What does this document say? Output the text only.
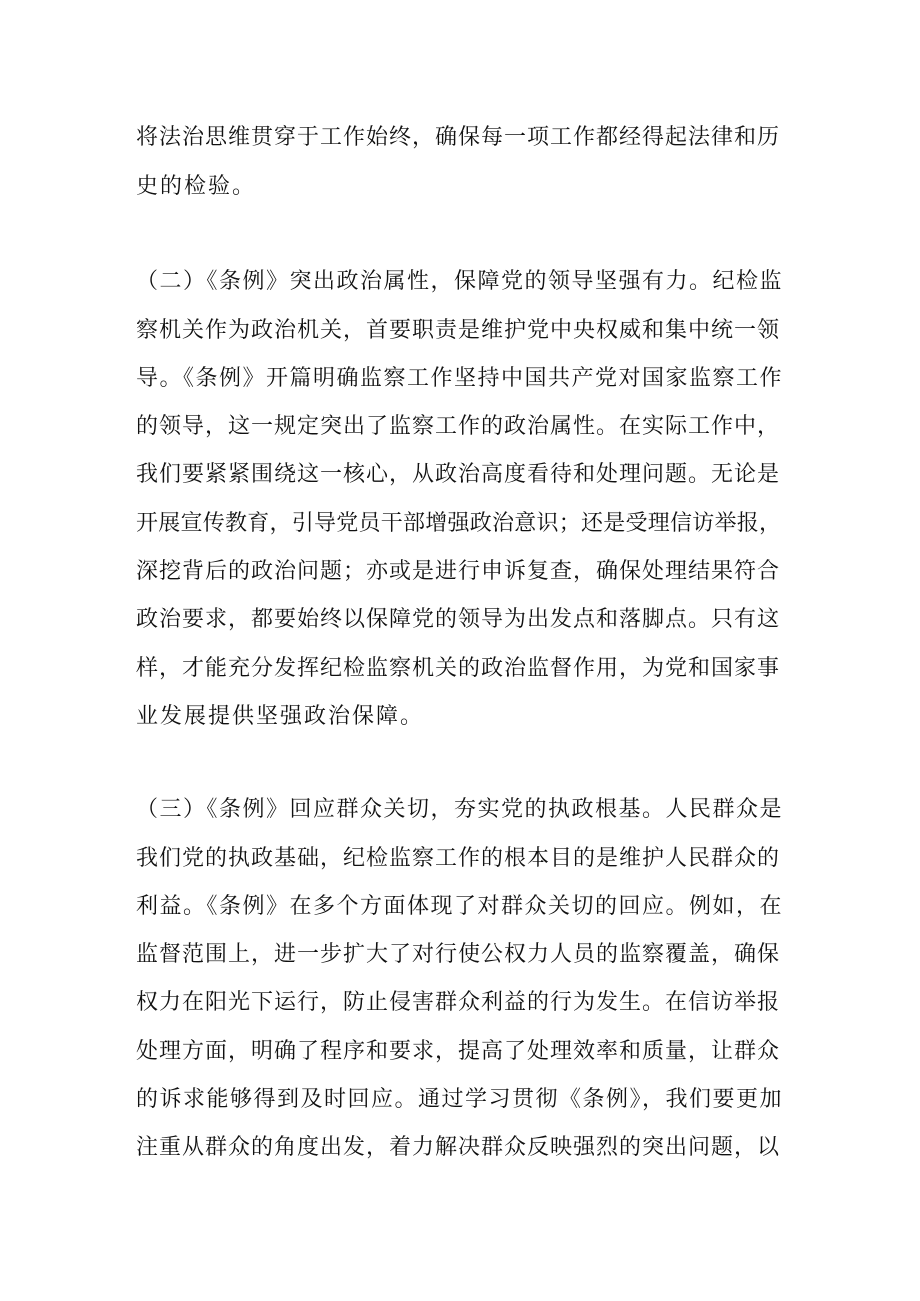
将法治思维贯穿于工作始终，确保每一项工作都经得起法律和历

史的检验。

（二）《条例》突出政治属性，保障党的领导坚强有力。纪检监

察机关作为政治机关，首要职责是维护党中央权威和集中统一领

导。《条例》开篇明确监察工作坚持中国共产党对国家监察工作

的领导，这一规定突出了监察工作的政治属性。在实际工作中，

我们要紧紧围绕这一核心，从政治高度看待和处理问题。无论是

开展宣传教育，引导党员干部增强政治意识；还是受理信访举报，

深挖背后的政治问题；亦或是进行申诉复查，确保处理结果符合

政治要求，都要始终以保障党的领导为出发点和落脚点。只有这

样，才能充分发挥纪检监察机关的政治监督作用，为党和国家事

业发展提供坚强政治保障。

（三）《条例》回应群众关切，夯实党的执政根基。人民群众是

我们党的执政基础，纪检监察工作的根本目的是维护人民群众的

利益。《条例》在多个方面体现了对群众关切的回应。例如，在

监督范围上，进一步扩大了对行使公权力人员的监察覆盖，确保

权力在阳光下运行，防止侵害群众利益的行为发生。在信访举报

处理方面，明确了程序和要求，提高了处理效率和质量，让群众

的诉求能够得到及时回应。通过学习贯彻《条例》，我们要更加

注重从群众的角度出发，着力解决群众反映强烈的突出问题，以
